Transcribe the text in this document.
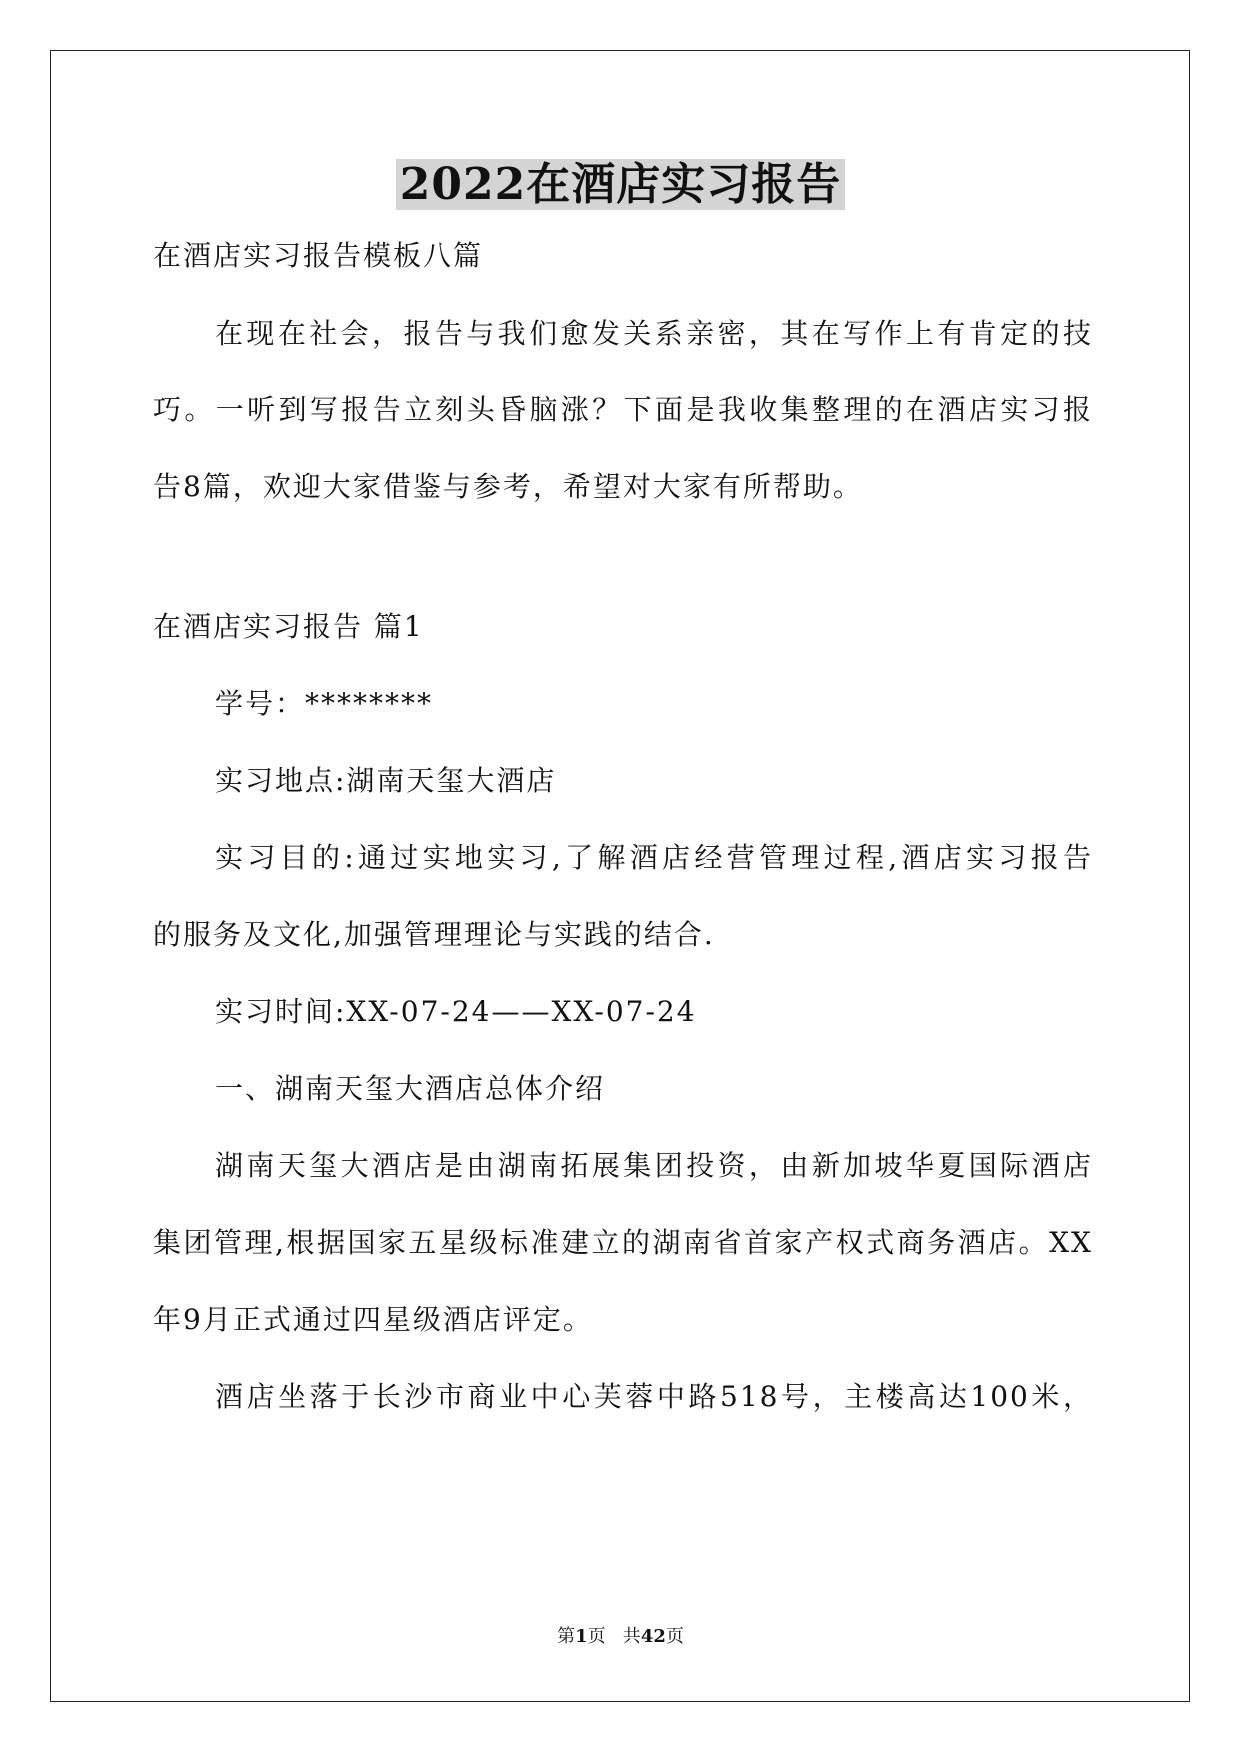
2022在酒店实习报告
在酒店实习报告模板八篇
在现在社会，报告与我们愈发关系亲密，其在写作上有肯定的技
巧。一听到写报告立刻头昏脑涨？下面是我收集整理的在酒店实习报
告8篇，欢迎大家借鉴与参考，希望对大家有所帮助。
在酒店实习报告 篇1
学号：********
实习地点:湖南天玺大酒店
实习目的:通过实地实习,了解酒店经营管理过程,酒店实习报告
的服务及文化,加强管理理论与实践的结合.
实习时间:XX-07-24——XX-07-24
一、湖南天玺大酒店总体介绍
湖南天玺大酒店是由湖南拓展集团投资，由新加坡华夏国际酒店
集团管理,根据国家五星级标准建立的湖南省首家产权式商务酒店。XX
年9月正式通过四星级酒店评定。
酒店坐落于长沙市商业中心芙蓉中路518号，主楼高达100米，
第1页   共42页
